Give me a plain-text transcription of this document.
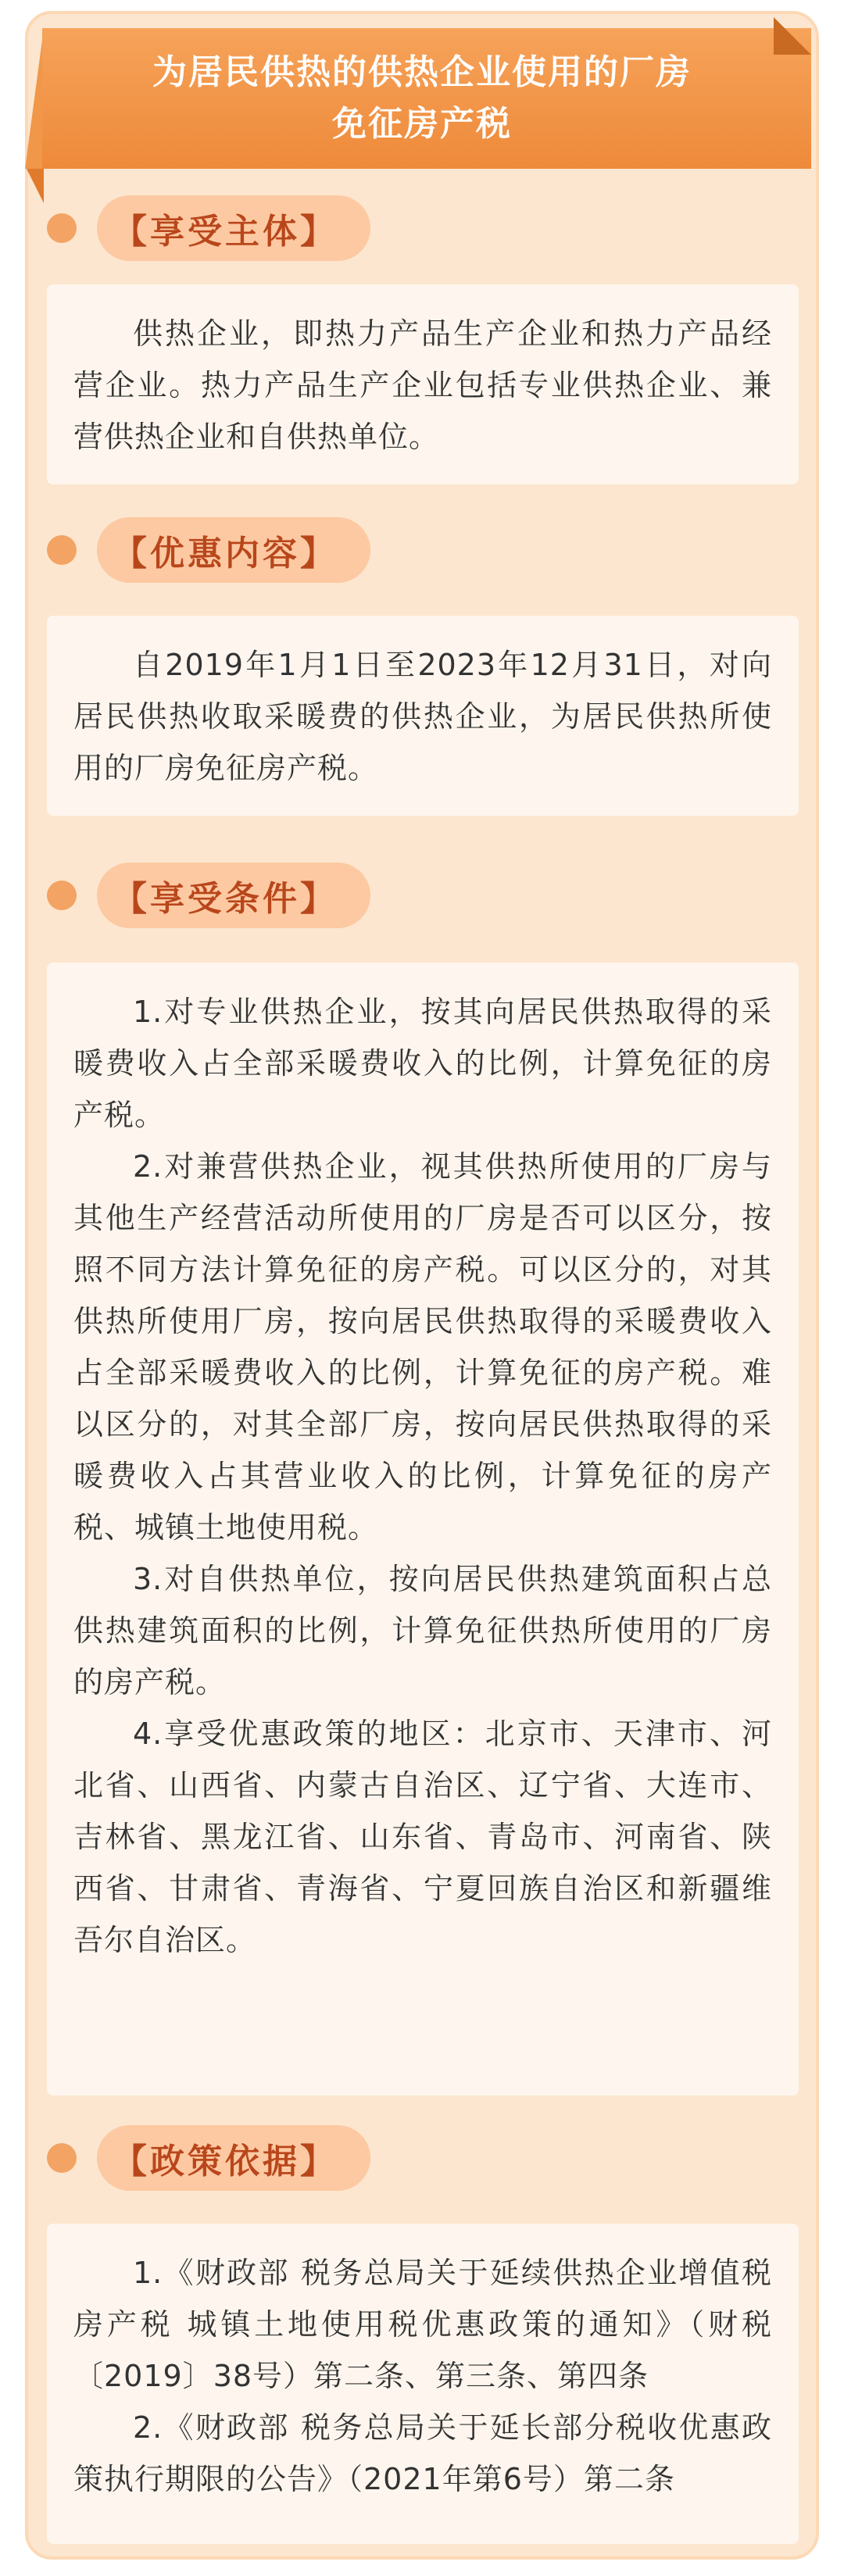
为居民供热的供热企业使用的厂房
免征房产税
【享受主体】

供热企业，即热力产品生产企业和热力产品经营企业。热力产品生产企业包括专业供热企业、兼营供热企业和自供热单位。

【优惠内容】

自2019年1月1日至2023年12月31日，对向居民供热收取采暖费的供热企业，为居民供热所使用的厂房免征房产税。

【享受条件】

1.对专业供热企业，按其向居民供热取得的采暖费收入占全部采暖费收入的比例，计算免征的房产税。

2.对兼营供热企业，视其供热所使用的厂房与其他生产经营活动所使用的厂房是否可以区分，按照不同方法计算免征的房产税。可以区分的，对其供热所使用厂房，按向居民供热取得的采暖费收入占全部采暖费收入的比例，计算免征的房产税。难以区分的，对其全部厂房，按向居民供热取得的采暖费收入占其营业收入的比例，计算免征的房产税、城镇土地使用税。

3.对自供热单位，按向居民供热建筑面积占总供热建筑面积的比例，计算免征供热所使用的厂房的房产税。

4.享受优惠政策的地区：北京市、天津市、河北省、山西省、内蒙古自治区、辽宁省、大连市、吉林省、黑龙江省、山东省、青岛市、河南省、陕西省、甘肃省、青海省、宁夏回族自治区和新疆维吾尔自治区。

【政策依据】

1.《财政部 税务总局关于延续供热企业增值税 房产税 城镇土地使用税优惠政策的通知》（财税〔2019〕38号）第二条、第三条、第四条

2.《财政部 税务总局关于延长部分税收优惠政策执行期限的公告》（2021年第6号）第二条
